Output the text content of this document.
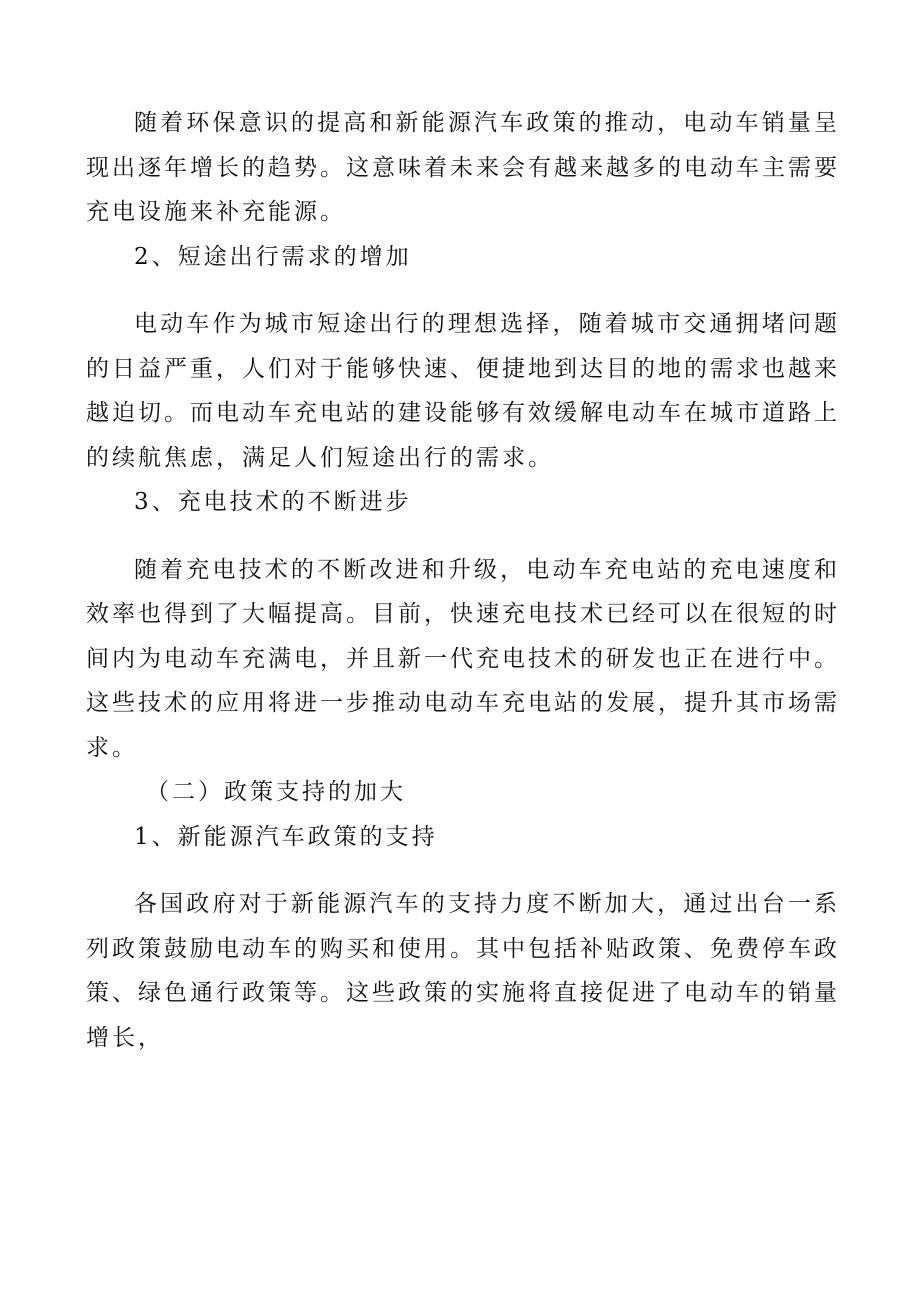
随着环保意识的提高和新能源汽车政策的推动，电动车销量呈现出逐年增长的趋势。这意味着未来会有越来越多的电动车主需要充电设施来补充能源。

2、短途出行需求的增加

电动车作为城市短途出行的理想选择，随着城市交通拥堵问题的日益严重，人们对于能够快速、便捷地到达目的地的需求也越来越迫切。而电动车充电站的建设能够有效缓解电动车在城市道路上的续航焦虑，满足人们短途出行的需求。

3、充电技术的不断进步

随着充电技术的不断改进和升级，电动车充电站的充电速度和效率也得到了大幅提高。目前，快速充电技术已经可以在很短的时间内为电动车充满电，并且新一代充电技术的研发也正在进行中。这些技术的应用将进一步推动电动车充电站的发展，提升其市场需求。

（二）政策支持的加大

1、新能源汽车政策的支持

各国政府对于新能源汽车的支持力度不断加大，通过出台一系列政策鼓励电动车的购买和使用。其中包括补贴政策、免费停车政策、绿色通行政策等。这些政策的实施将直接促进了电动车的销量增长，
